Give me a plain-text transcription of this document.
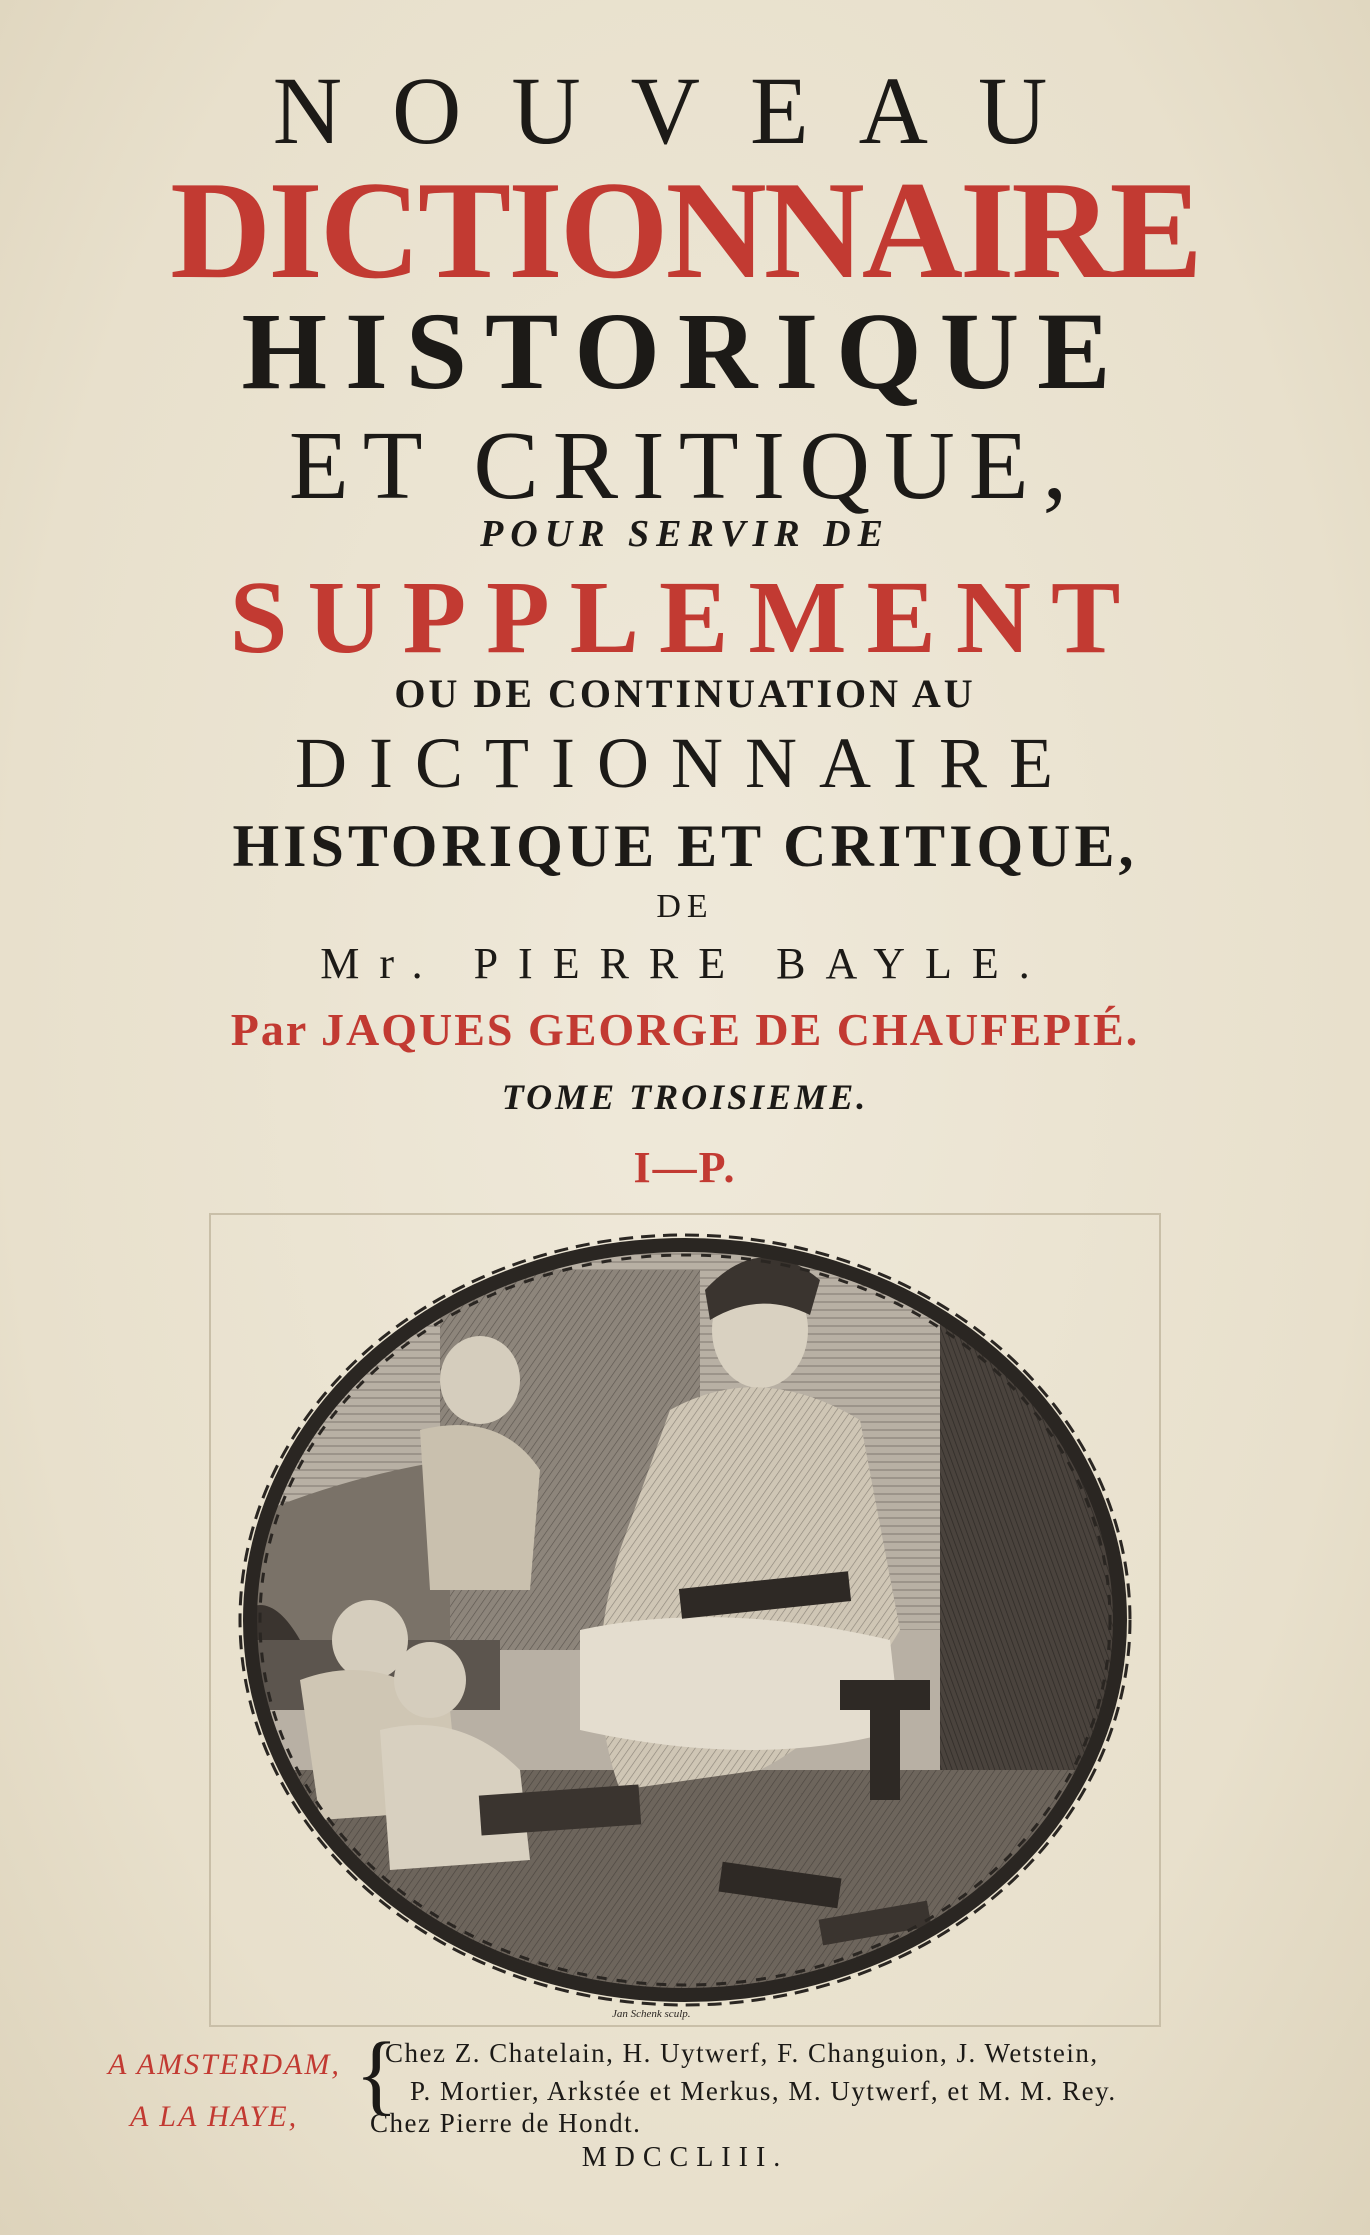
NOUVEAU
DICTIONNAIRE
HISTORIQUE
ET CRITIQUE,
POUR SERVIR DE
SUPPLEMENT
OU DE CONTINUATION AU
DICTIONNAIRE
HISTORIQUE ET CRITIQUE,
DE
Mr. PIERRE BAYLE.
Par JAQUES GEORGE DE CHAUFEPIÉ.
TOME TROISIEME.
I—P.
Jan Schenk sculp.
A AMSTERDAM,
A LA HAYE, {
Chez Z. Chatelain, H. Uytwerf, F. Changuion, J. Wetstein,
P. Mortier, Arkstée et Merkus, M. Uytwerf, et M. M. Rey.
Chez Pierre de Hondt.
MDCCLIII.
